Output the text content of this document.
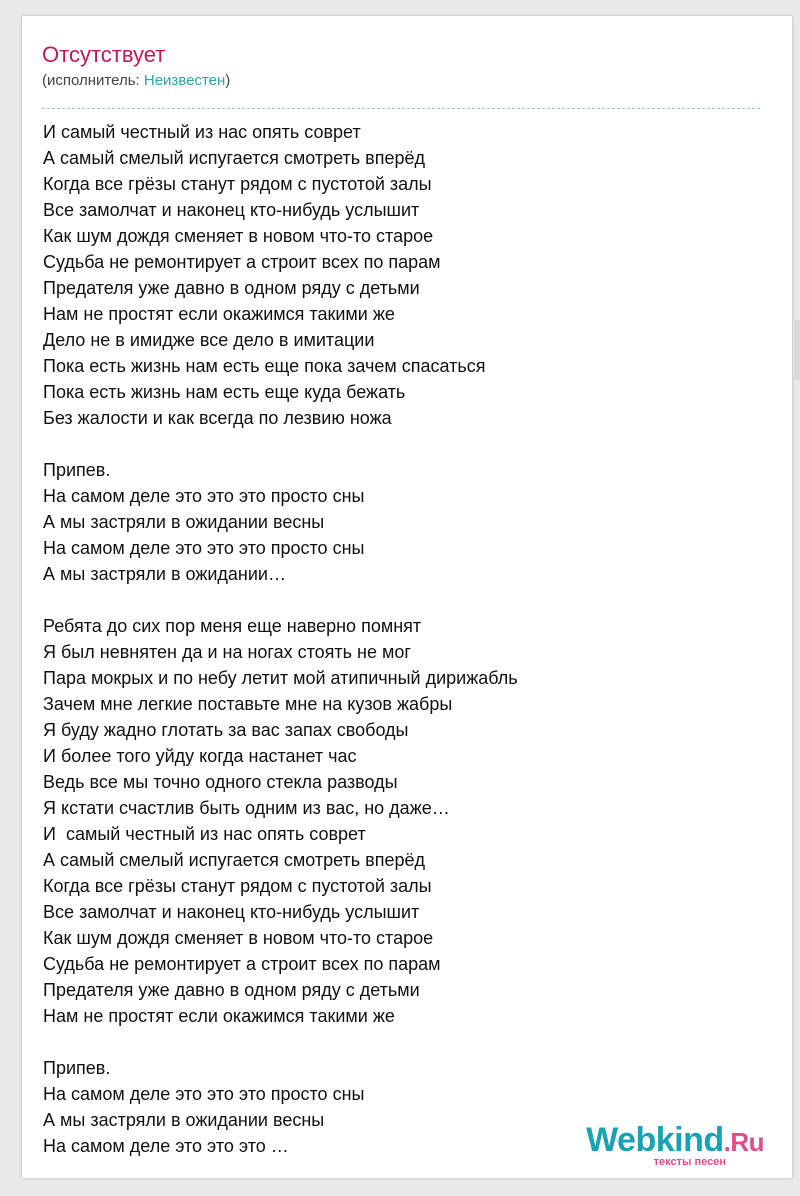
Отсутствует
(исполнитель: Неизвестен)
И самый честный из нас опять соврет
А самый смелый испугается смотреть вперёд
Когда все грёзы станут рядом с пустотой залы
Все замолчат и наконец кто-нибудь услышит
Как шум дождя сменяет в новом что-то старое
Судьба не ремонтирует а строит всех по парам
Предателя уже давно в одном ряду с детьми
Нам не простят если окажимся такими же
Дело не в имидже все дело в имитации
Пока есть жизнь нам есть еще пока зачем спасаться
Пока есть жизнь нам есть еще куда бежать
Без жалости и как всегда по лезвию ножа
Припев.
На самом деле это это это просто сны
А мы застряли в ожидании весны
На самом деле это это это просто сны
А мы застряли в ожидании…
Ребята до сих пор меня еще наверно помнят
Я был невнятен да и на ногах стоять не мог
Пара мокрых и по небу летит мой атипичный дирижабль
Зачем мне легкие поставьте мне на кузов жабры
Я буду жадно глотать за вас запах свободы
И более того уйду когда настанет час
Ведь все мы точно одного стекла разводы
Я кстати счастлив быть одним из вас, но даже…
И  самый честный из нас опять соврет
А самый смелый испугается смотреть вперёд
Когда все грёзы станут рядом с пустотой залы
Все замолчат и наконец кто-нибудь услышит
Как шум дождя сменяет в новом что-то старое
Судьба не ремонтирует а строит всех по парам
Предателя уже давно в одном ряду с детьми
Нам не простят если окажимся такими же
Припев.
На самом деле это это это просто сны
А мы застряли в ожидании весны
На самом деле это это это …	Webkind.Ru
тексты песен
